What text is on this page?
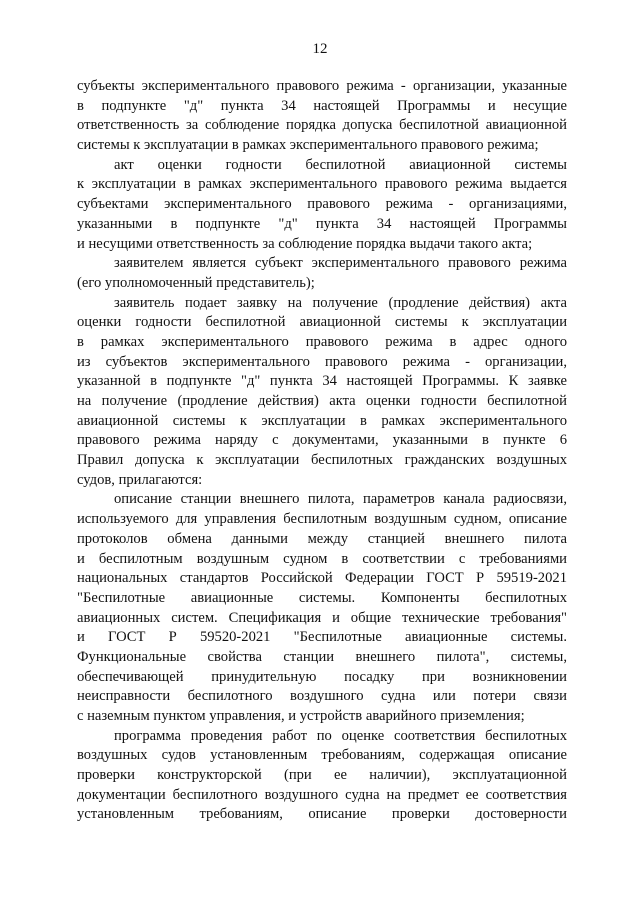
12

субъекты экспериментального правового режима - организации, указанные
в подпункте "д" пункта 34 настоящей Программы и несущие
ответственность за соблюдение порядка допуска беспилотной авиационной
системы к эксплуатации в рамках экспериментального правового режима;

акт оценки годности беспилотной авиационной системы
к эксплуатации в рамках экспериментального правового режима выдается
субъектами экспериментального правового режима - организациями,
указанными в подпункте "д" пункта 34 настоящей Программы
и несущими ответственность за соблюдение порядка выдачи такого акта;

заявителем является субъект экспериментального правового режима
(его уполномоченный представитель);

заявитель подает заявку на получение (продление действия) акта
оценки годности беспилотной авиационной системы к эксплуатации
в рамках экспериментального правового режима в адрес одного
из субъектов экспериментального правового режима - организации,
указанной в подпункте "д" пункта 34 настоящей Программы. К заявке
на получение (продление действия) акта оценки годности беспилотной
авиационной системы к эксплуатации в рамках экспериментального
правового режима наряду с документами, указанными в пункте 6
Правил допуска к эксплуатации беспилотных гражданских воздушных
судов, прилагаются:

описание станции внешнего пилота, параметров канала радиосвязи,
используемого для управления беспилотным воздушным судном, описание
протоколов обмена данными между станцией внешнего пилота
и беспилотным воздушным судном в соответствии с требованиями
национальных стандартов Российской Федерации ГОСТ Р 59519-2021
"Беспилотные авиационные системы. Компоненты беспилотных
авиационных систем. Спецификация и общие технические требования"
и ГОСТ Р 59520-2021 "Беспилотные авиационные системы.
Функциональные свойства станции внешнего пилота", системы,
обеспечивающей принудительную посадку при возникновении
неисправности беспилотного воздушного судна или потери связи
с наземным пунктом управления, и устройств аварийного приземления;

программа проведения работ по оценке соответствия беспилотных
воздушных судов установленным требованиям, содержащая описание
проверки конструкторской (при ее наличии), эксплуатационной
документации беспилотного воздушного судна на предмет ее соответствия
установленным требованиям, описание проверки достоверности
